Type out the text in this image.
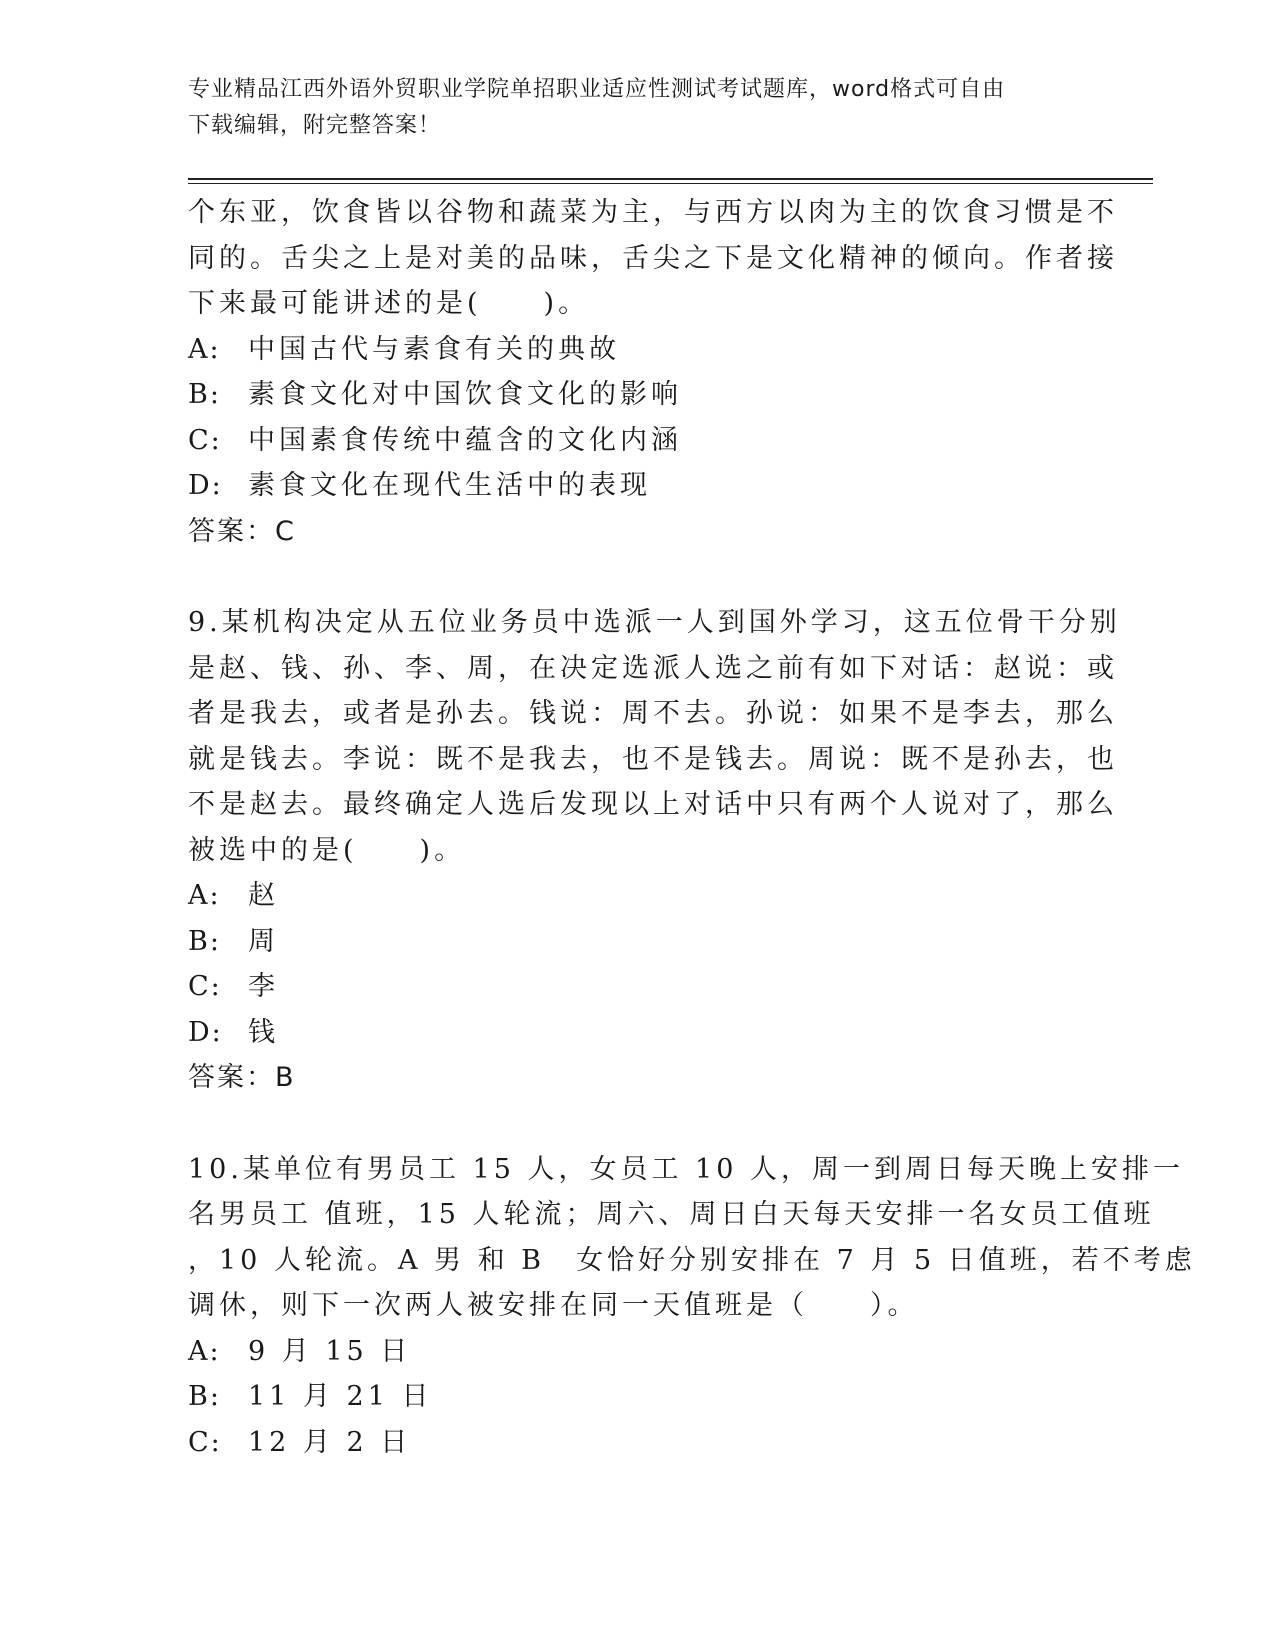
专业精品江西外语外贸职业学院单招职业适应性测试考试题库，word格式可自由
下载编辑，附完整答案！
个东亚，饮食皆以谷物和蔬菜为主，与西方以肉为主的饮食习惯是不
同的。舌尖之上是对美的品味，舌尖之下是文化精神的倾向。作者接
下来最可能讲述的是(　　)。
A: 中国古代与素食有关的典故
B: 素食文化对中国饮食文化的影响
C: 中国素食传统中蕴含的文化内涵
D: 素食文化在现代生活中的表现
答案：C
9.某机构决定从五位业务员中选派一人到国外学习，这五位骨干分别
是赵、钱、孙、李、周，在决定选派人选之前有如下对话：赵说：或
者是我去，或者是孙去。钱说：周不去。孙说：如果不是李去，那么
就是钱去。李说：既不是我去，也不是钱去。周说：既不是孙去，也
不是赵去。最终确定人选后发现以上对话中只有两个人说对了，那么
被选中的是(　　)。
A: 赵
B: 周
C: 李
D: 钱
答案：B
10.某单位有男员工 15 人，女员工 10 人，周一到周日每天晚上安排一
名男员工 值班，15 人轮流；周六、周日白天每天安排一名女员工值班
，10 人轮流。A 男 和 B　女恰好分别安排在 7 月 5 日值班，若不考虑
调休，则下一次两人被安排在同一天值班是（　　）。
A: 9 月 15 日
B: 11 月 21 日
C: 12 月 2 日
